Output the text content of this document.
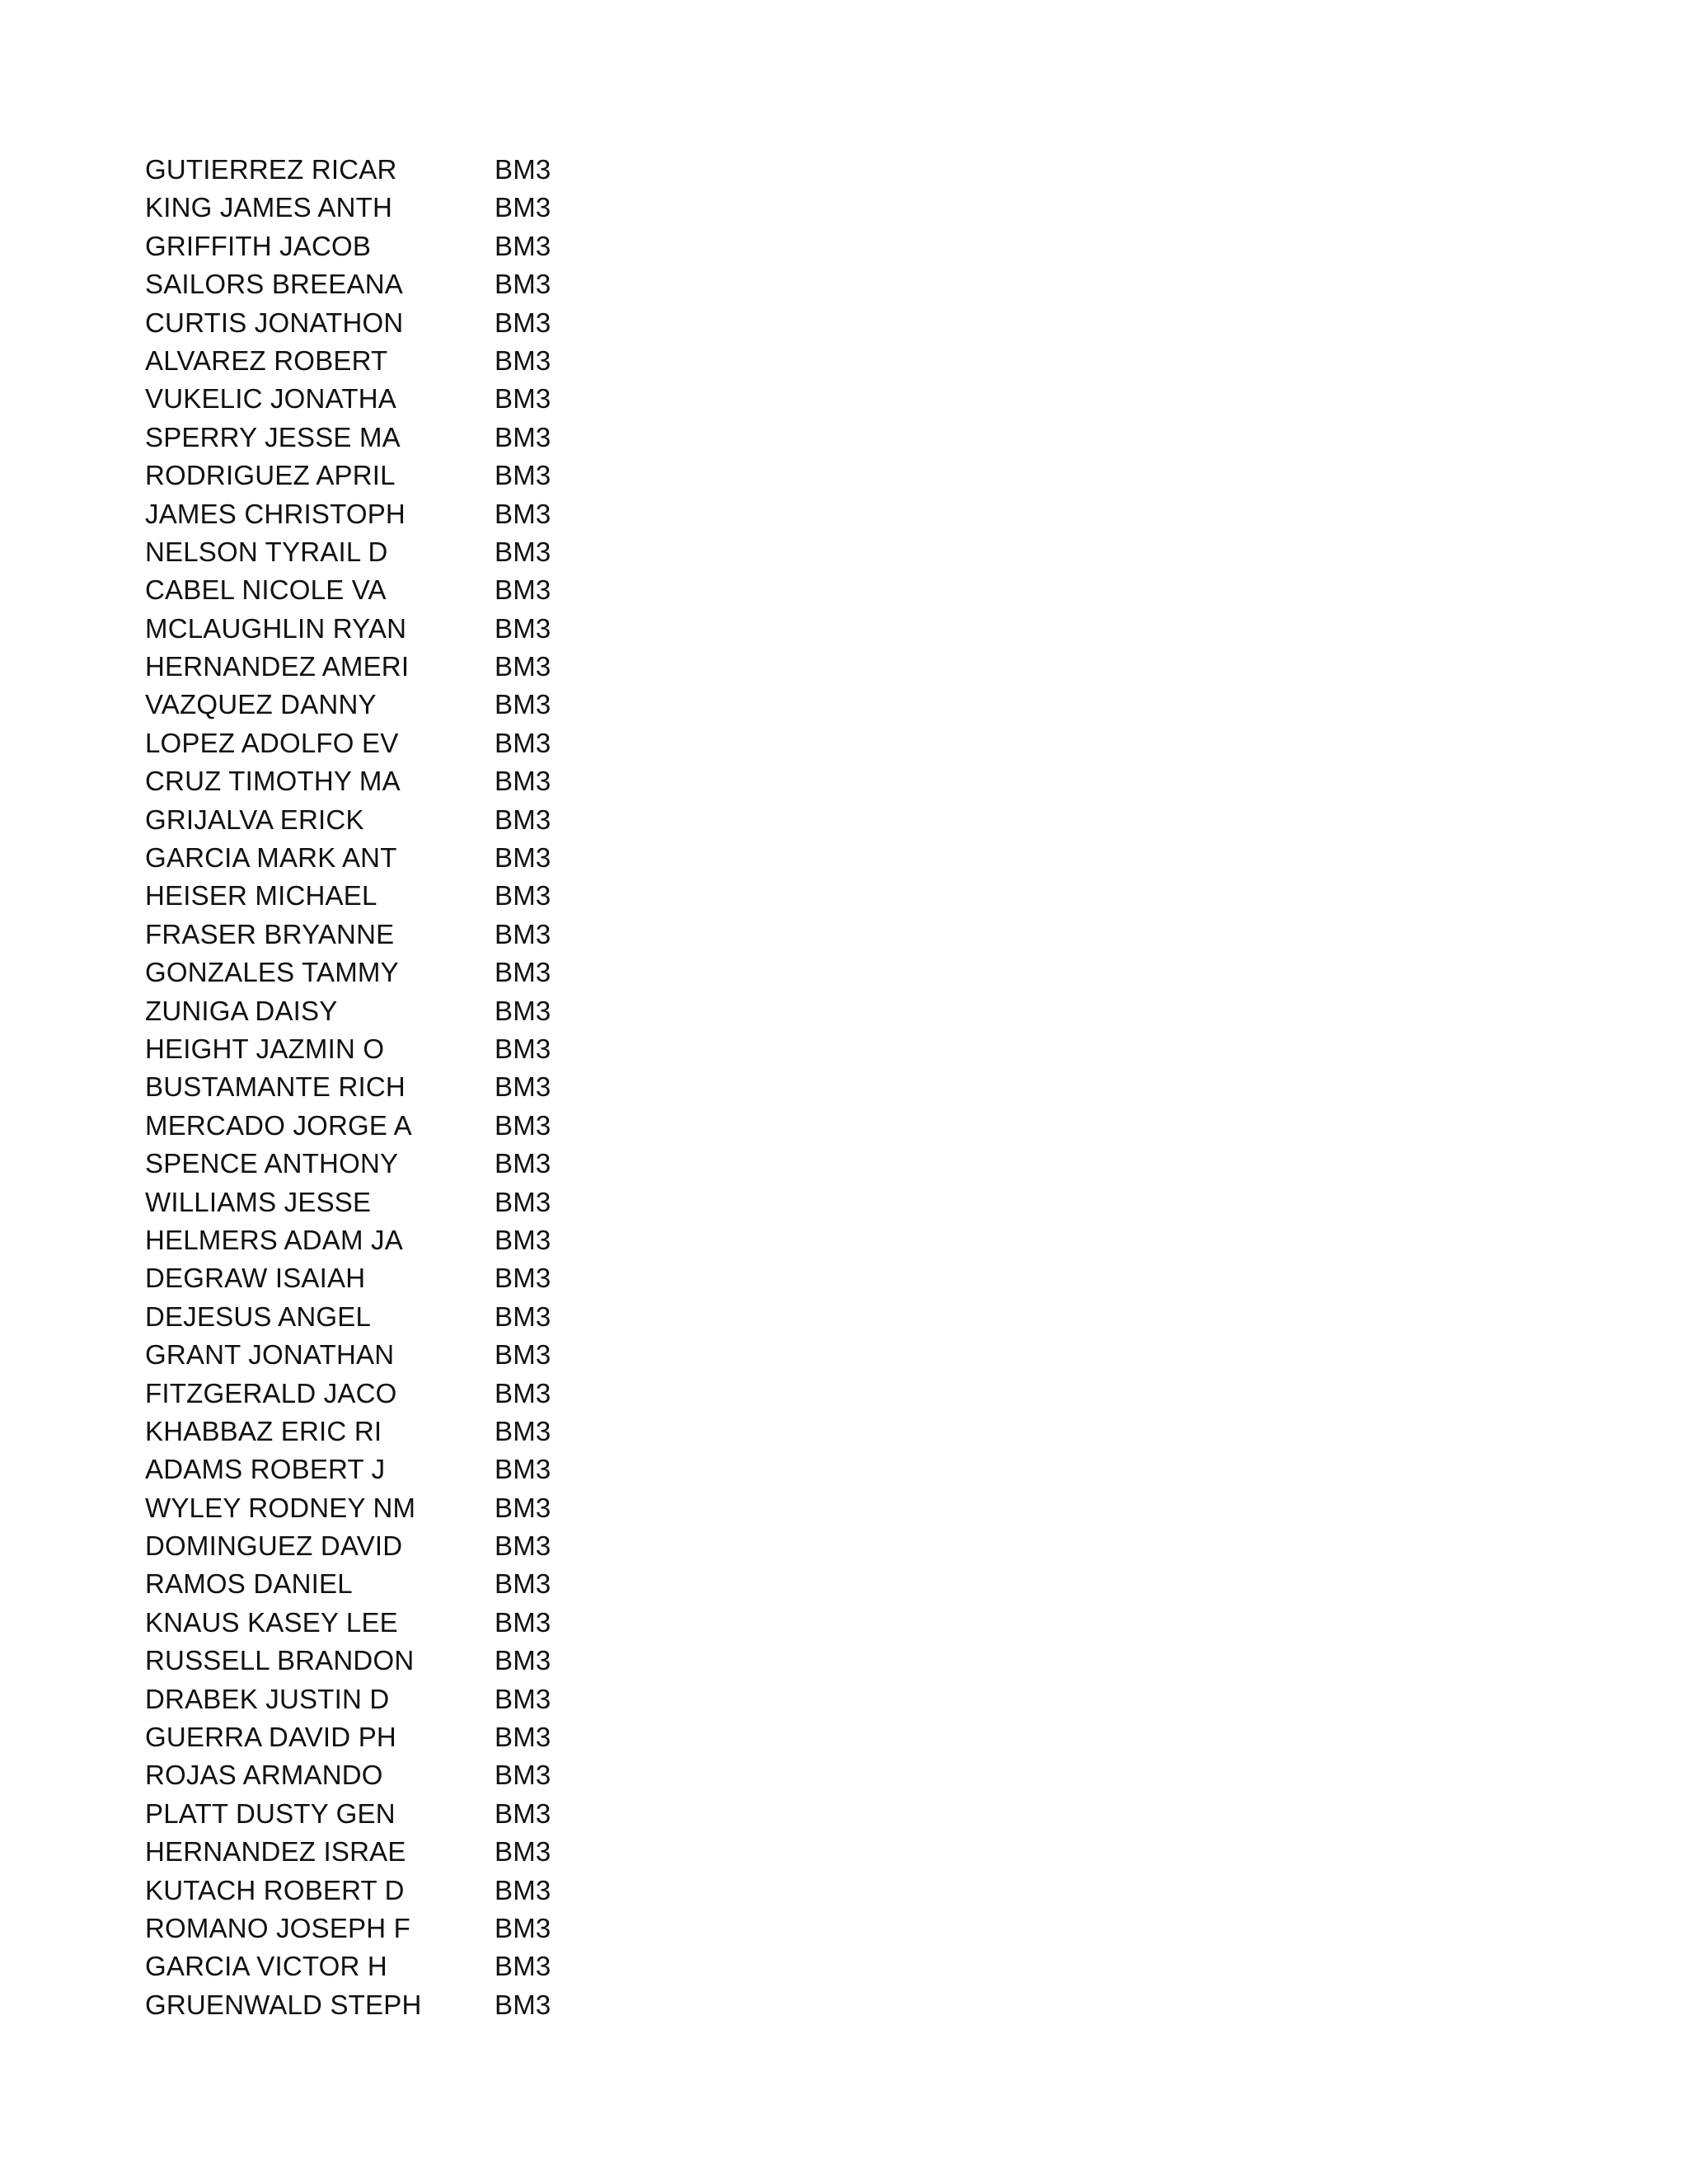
GUTIERREZ RICAR	BM3
KING JAMES ANTH	BM3
GRIFFITH JACOB	BM3
SAILORS BREEANA	BM3
CURTIS JONATHON	BM3
ALVAREZ ROBERT	BM3
VUKELIC JONATHA	BM3
SPERRY JESSE MA	BM3
RODRIGUEZ APRIL	BM3
JAMES CHRISTOPH	BM3
NELSON TYRAIL D	BM3
CABEL NICOLE VA	BM3
MCLAUGHLIN RYAN	BM3
HERNANDEZ AMERI	BM3
VAZQUEZ DANNY	BM3
LOPEZ ADOLFO EV	BM3
CRUZ TIMOTHY MA	BM3
GRIJALVA ERICK	BM3
GARCIA MARK ANT	BM3
HEISER MICHAEL	BM3
FRASER BRYANNE	BM3
GONZALES TAMMY	BM3
ZUNIGA DAISY	BM3
HEIGHT JAZMIN O	BM3
BUSTAMANTE RICH	BM3
MERCADO JORGE A	BM3
SPENCE ANTHONY	BM3
WILLIAMS JESSE	BM3
HELMERS ADAM JA	BM3
DEGRAW ISAIAH	BM3
DEJESUS ANGEL	BM3
GRANT JONATHAN	BM3
FITZGERALD JACO	BM3
KHABBAZ ERIC RI	BM3
ADAMS ROBERT J	BM3
WYLEY RODNEY NM	BM3
DOMINGUEZ DAVID	BM3
RAMOS DANIEL	BM3
KNAUS KASEY LEE	BM3
RUSSELL BRANDON	BM3
DRABEK JUSTIN D	BM3
GUERRA DAVID PH	BM3
ROJAS ARMANDO	BM3
PLATT DUSTY GEN	BM3
HERNANDEZ ISRAE	BM3
KUTACH ROBERT D	BM3
ROMANO JOSEPH F	BM3
GARCIA VICTOR H	BM3
GRUENWALD STEPH	BM3
